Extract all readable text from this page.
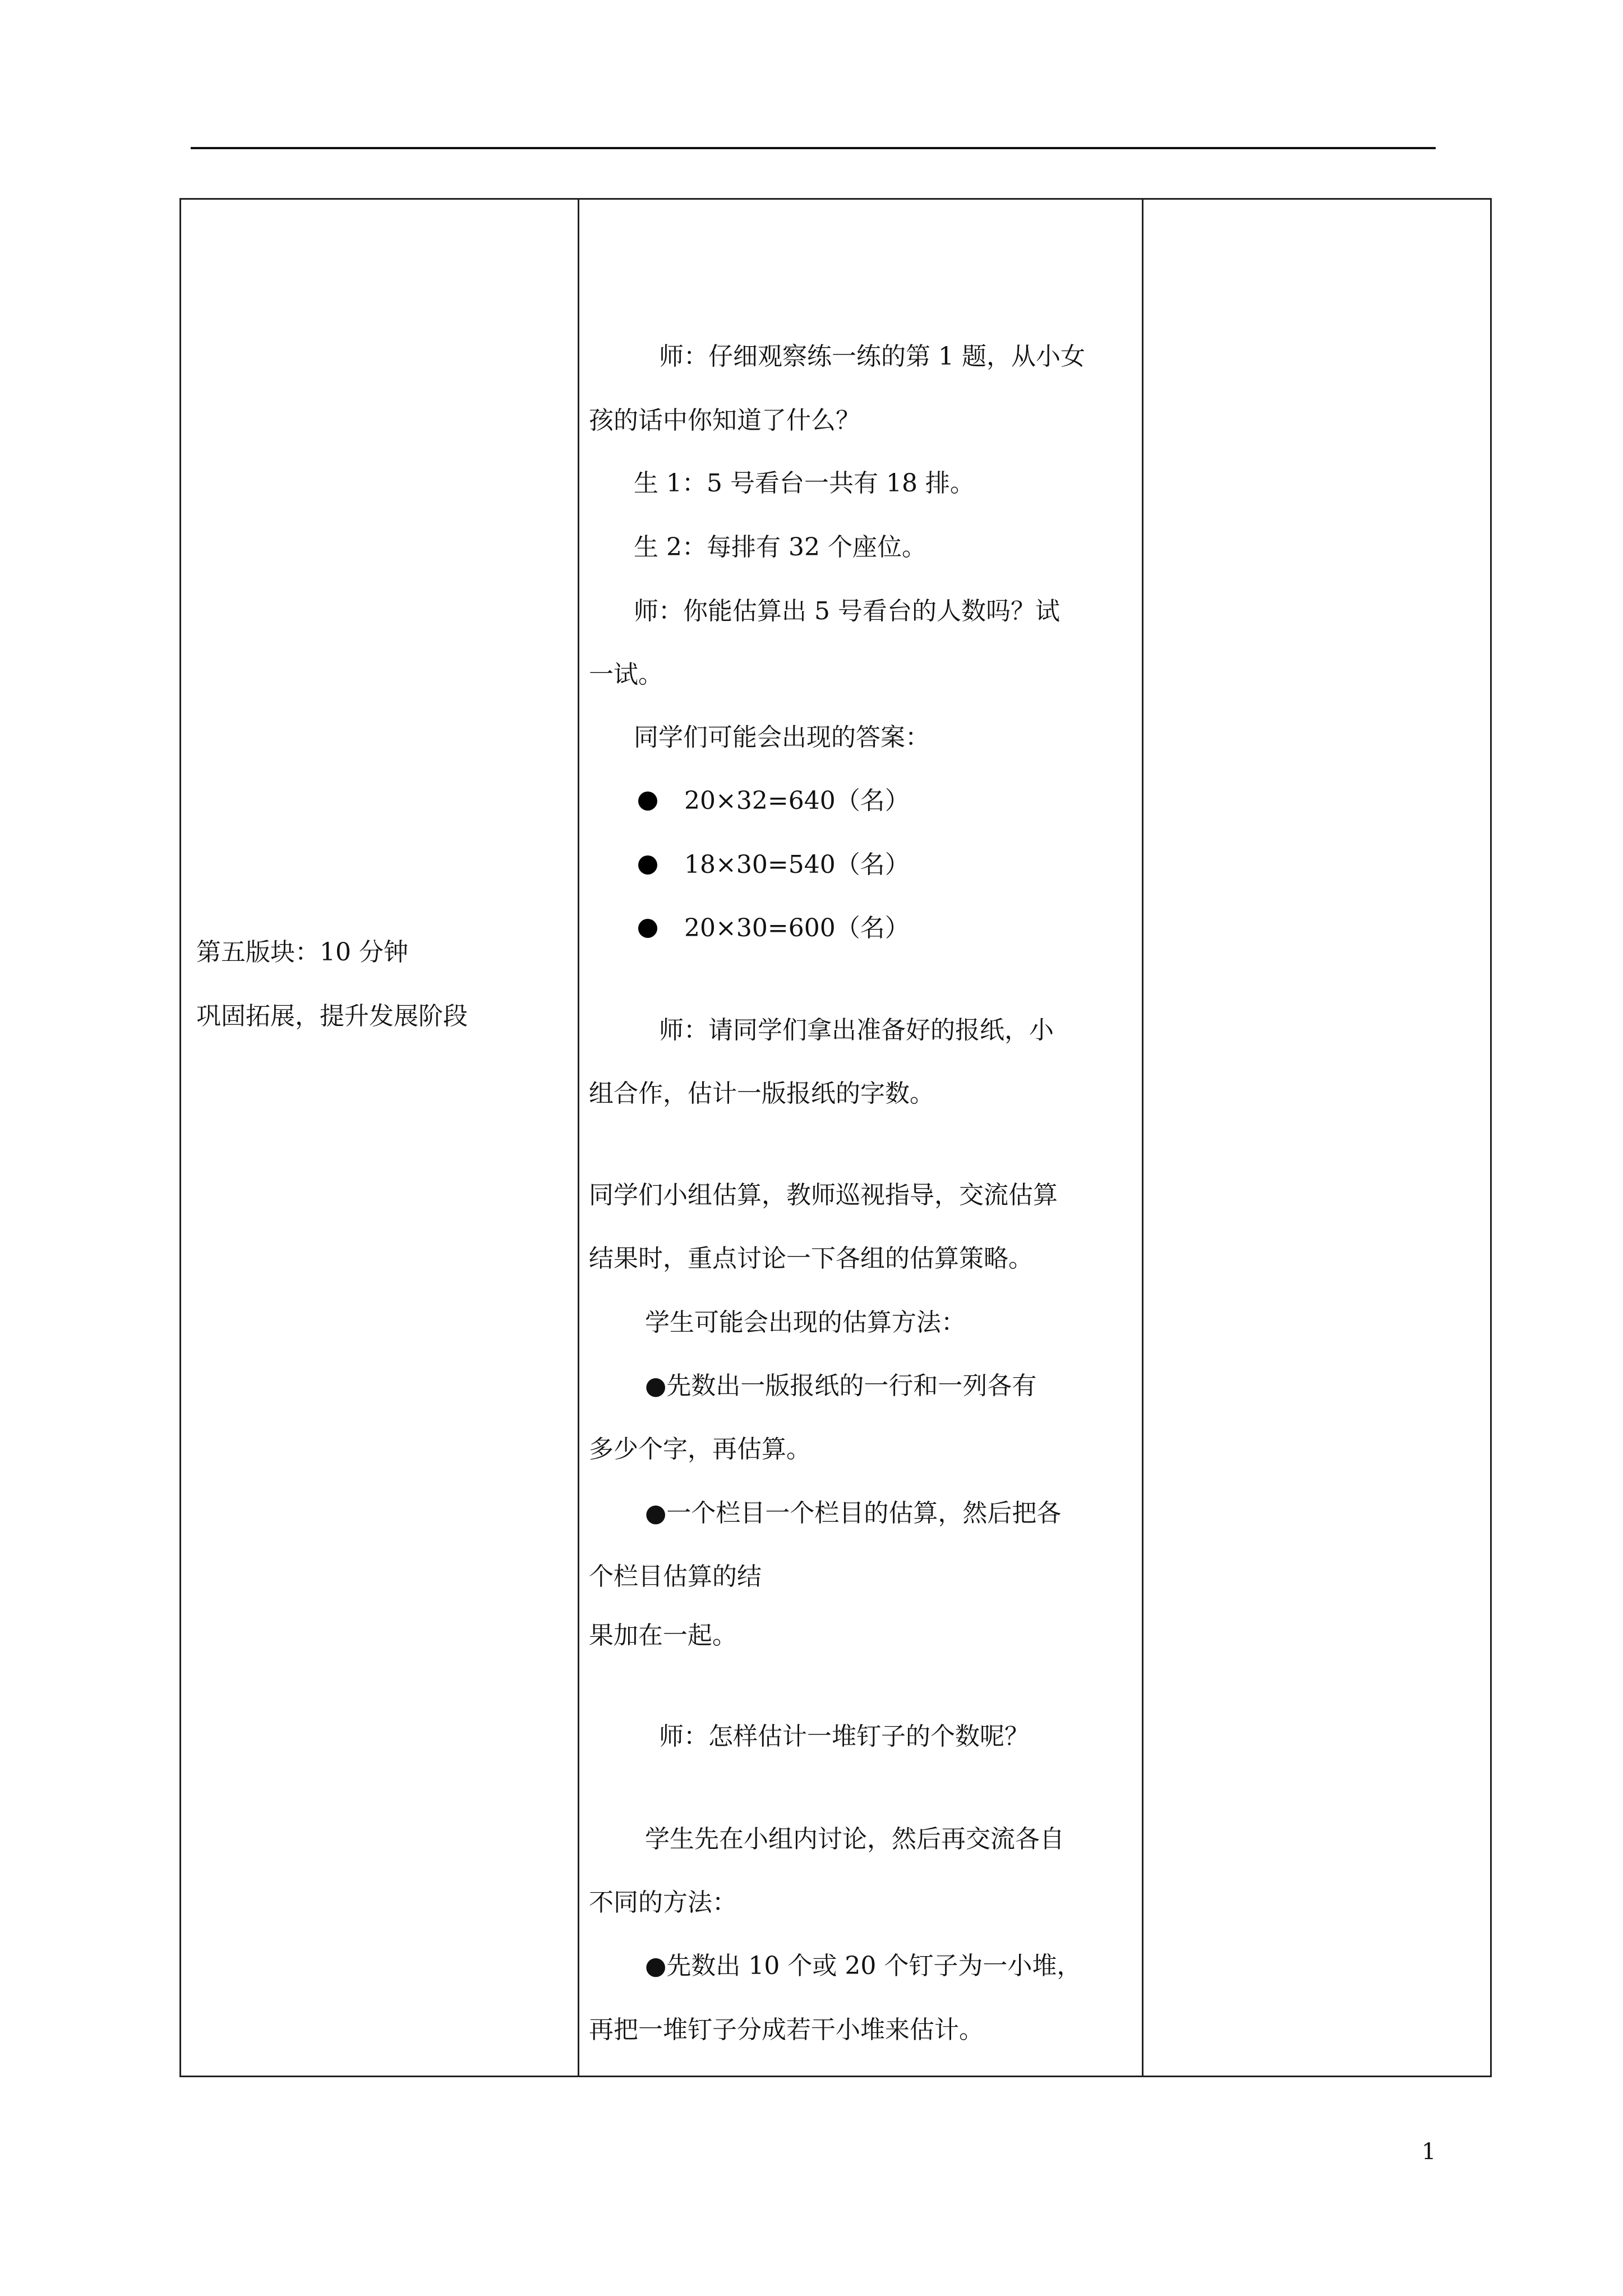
第五版块：10 分钟
巩固拓展，提升发展阶段
师：仔细观察练一练的第 1 题，从小女
孩的话中你知道了什么？
生 1：5 号看台一共有 18 排。
生 2：每排有 32 个座位。
师：你能估算出 5 号看台的人数吗？试
一试。
同学们可能会出现的答案：
20×32=640（名）
18×30=540（名）
20×30=600（名）
师：请同学们拿出准备好的报纸，小
组合作，估计一版报纸的字数。
同学们小组估算，教师巡视指导，交流估算
结果时，重点讨论一下各组的估算策略。
学生可能会出现的估算方法：
●先数出一版报纸的一行和一列各有
多少个字，再估算。
●一个栏目一个栏目的估算，然后把各
个栏目估算的结
果加在一起。
师：怎样估计一堆钉子的个数呢？
学生先在小组内讨论，然后再交流各自
不同的方法：
●先数出 10 个或 20 个钉子为一小堆，
再把一堆钉子分成若干小堆来估计。
1
